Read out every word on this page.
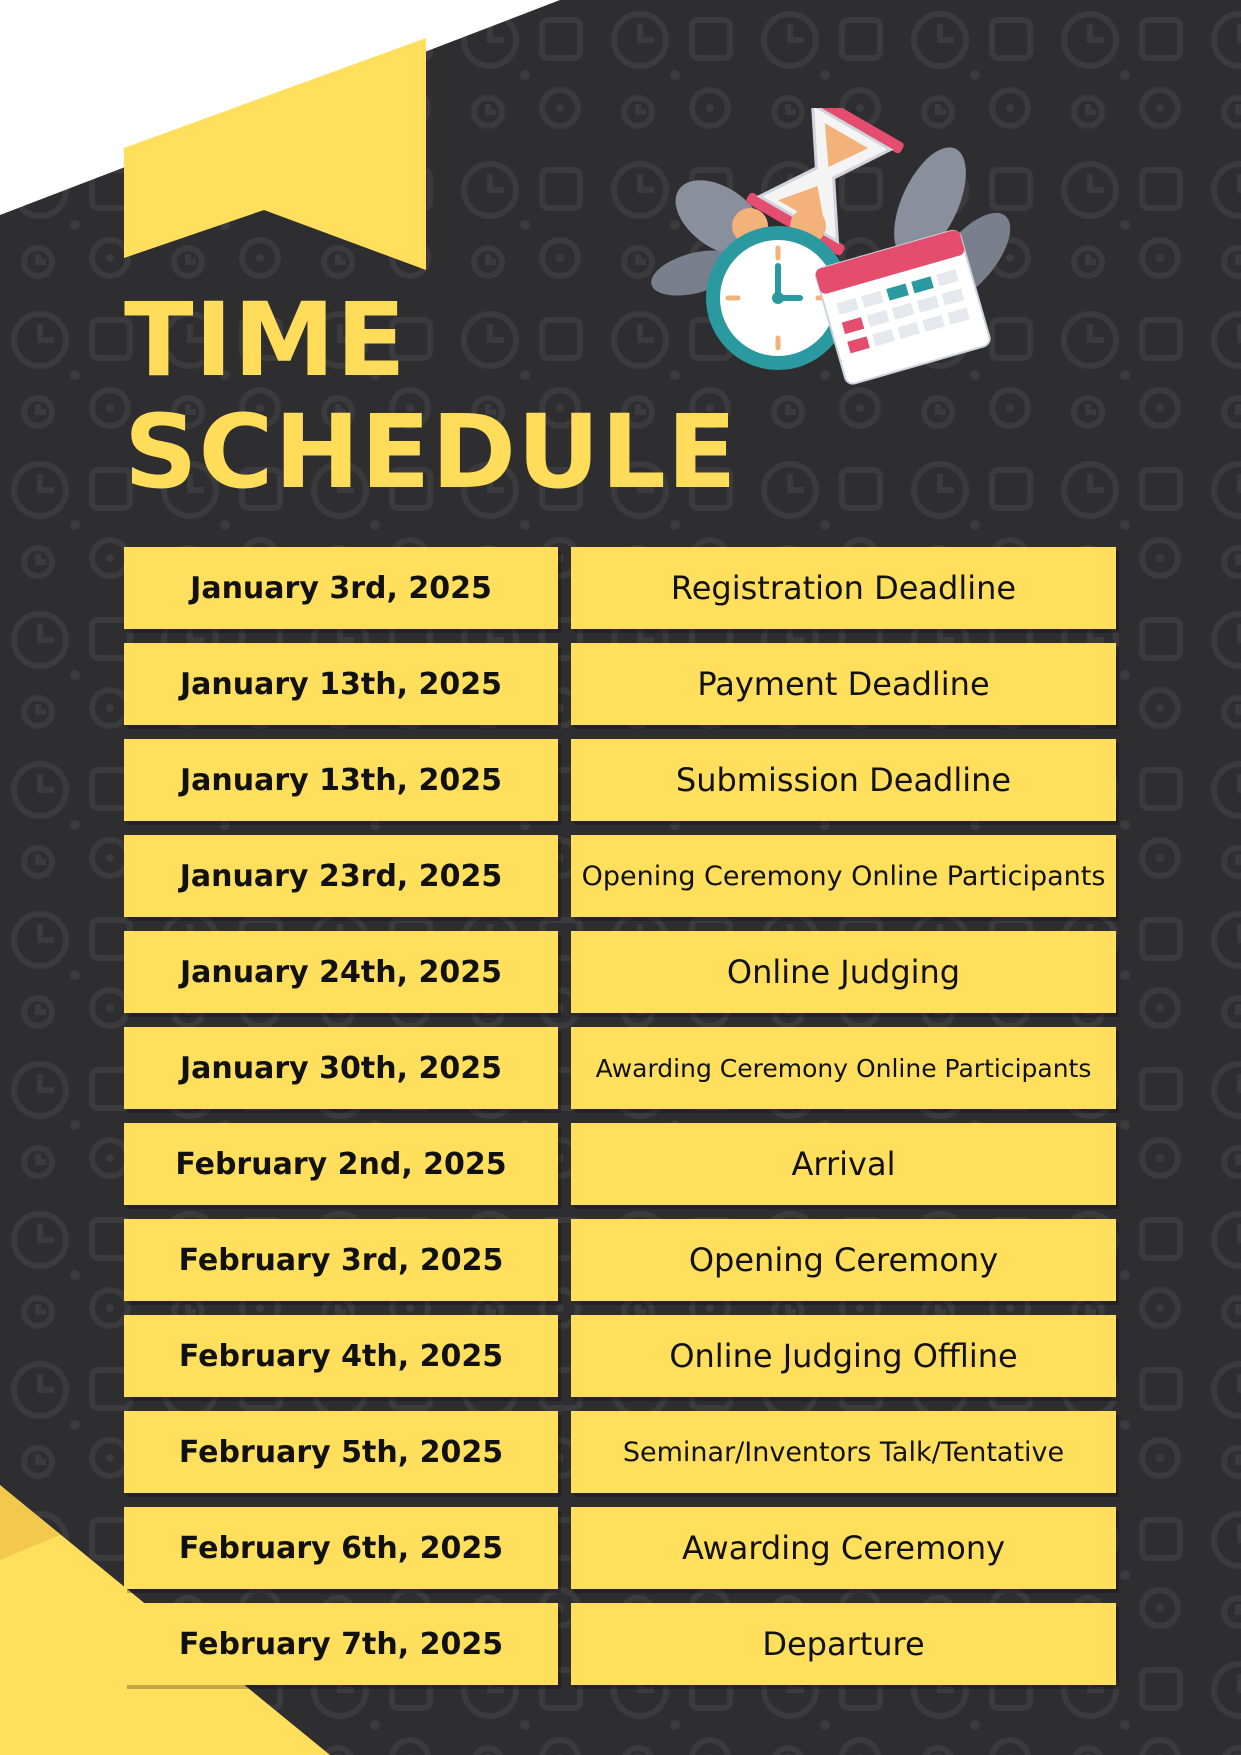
TIME
SCHEDULE
January 3rd, 2025	Registration Deadline
January 13th, 2025	Payment Deadline
January 13th, 2025	Submission Deadline
January 23rd, 2025	Opening Ceremony Online Participants
January 24th, 2025	Online Judging
January 30th, 2025	Awarding Ceremony Online Participants
February 2nd, 2025	Arrival
February 3rd, 2025	Opening Ceremony
February 4th, 2025	Online Judging Offline
February 5th, 2025	Seminar/Inventors Talk/Tentative
February 6th, 2025	Awarding Ceremony
February 7th, 2025	Departure
